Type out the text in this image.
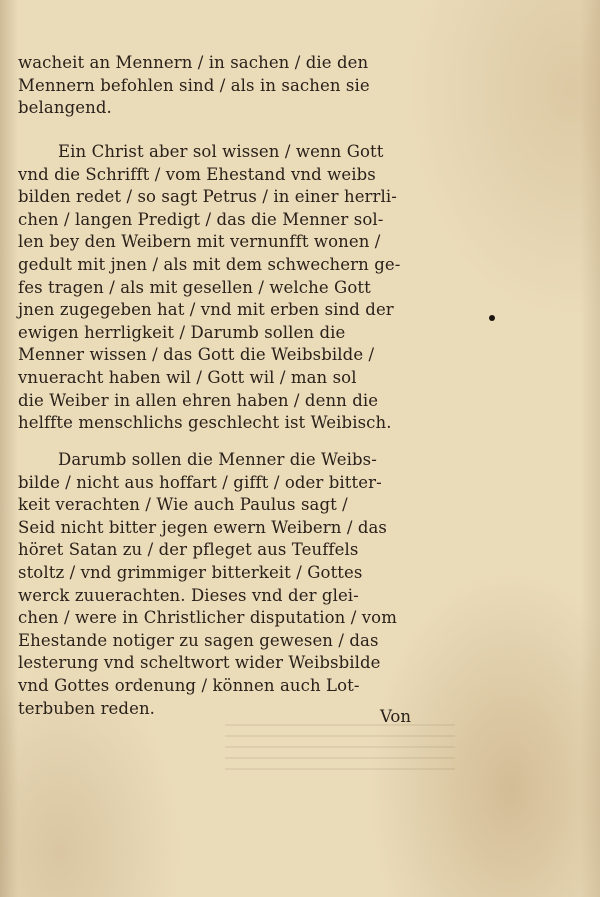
wacheit an Mennern / in sachen / die den
Mennern befohlen sind / als in sachen sie
belangend.
Ein Christ aber sol wissen / wenn Gott
vnd die Schrifft / vom Ehestand vnd weibs
bilden redet / so sagt Petrus / in einer herrli-
chen / langen Predigt / das die Menner sol-
len bey den Weibern mit vernunfft wonen /
gedult mit jnen / als mit dem schwechern ge-
fes tragen / als mit gesellen / welche Gott
jnen zugegeben hat / vnd mit erben sind der
ewigen herrligkeit / Darumb sollen die
Menner wissen / das Gott die Weibsbilde /
vnueracht haben wil / Gott wil / man sol
die Weiber in allen ehren haben / denn die
helffte menschlichs geschlecht ist Weibisch.
Darumb sollen die Menner die Weibs-
bilde / nicht aus hoffart / gifft / oder bitter-
keit verachten / Wie auch Paulus sagt /
Seid nicht bitter jegen ewern Weibern / das
höret Satan zu / der pfleget aus Teuffels
stoltz / vnd grimmiger bitterkeit / Gottes
werck zuuerachten. Dieses vnd der glei-
chen / were in Christlicher disputation / vom
Ehestande notiger zu sagen gewesen / das
lesterung vnd scheltwort wider Weibsbilde
vnd Gottes ordenung / können auch Lot-
terbuben reden.	Von
